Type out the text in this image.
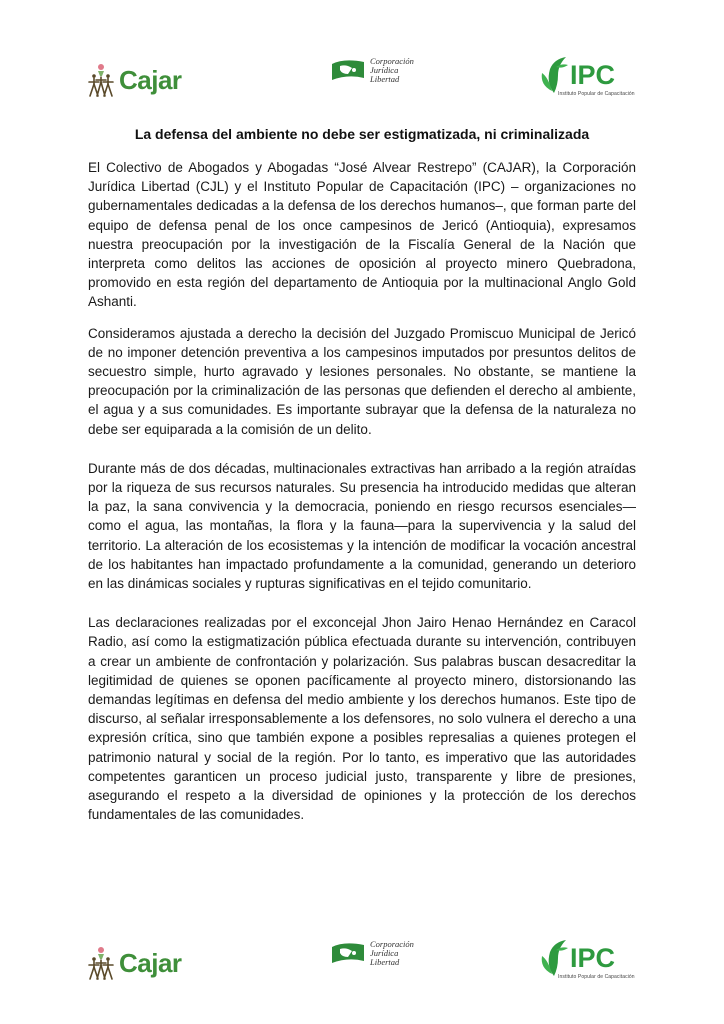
Cajar
Corporación
Jurídica
Libertad	IPC
Instituto Popular de Capacitación
La defensa del ambiente no debe ser estigmatizada, ni criminalizada

El Colectivo de Abogados y Abogadas “José Alvear Restrepo” (CAJAR), la Corporación Jurídica Libertad (CJL) y el Instituto Popular de Capacitación (IPC) – organizaciones no gubernamentales dedicadas a la defensa de los derechos humanos–, que forman parte del equipo de defensa penal de los once campesinos de Jericó (Antioquia), expresamos nuestra preocupación por la investigación de la Fiscalía General de la Nación que interpreta como delitos las acciones de oposición al proyecto minero Quebradona, promovido en esta región del departamento de Antioquia por la multinacional Anglo Gold Ashanti.

Consideramos ajustada a derecho la decisión del Juzgado Promiscuo Municipal de Jericó de no imponer detención preventiva a los campesinos imputados por presuntos delitos de secuestro simple, hurto agravado y lesiones personales. No obstante, se mantiene la preocupación por la criminalización de las personas que defienden el derecho al ambiente, el agua y a sus comunidades. Es importante subrayar que la defensa de la naturaleza no debe ser equiparada a la comisión de un delito.

Durante más de dos décadas, multinacionales extractivas han arribado a la región atraídas por la riqueza de sus recursos naturales. Su presencia ha introducido medidas que alteran la paz, la sana convivencia y la democracia, poniendo en riesgo recursos esenciales—como el agua, las montañas, la flora y la fauna—para la supervivencia y la salud del territorio. La alteración de los ecosistemas y la intención de modificar la vocación ancestral de los habitantes han impactado profundamente a la comunidad, generando un deterioro en las dinámicas sociales y rupturas significativas en el tejido comunitario.

Las declaraciones realizadas por el exconcejal Jhon Jairo Henao Hernández en Caracol Radio, así como la estigmatización pública efectuada durante su intervención, contribuyen a crear un ambiente de confrontación y polarización. Sus palabras buscan desacreditar la legitimidad de quienes se oponen pacíficamente al proyecto minero, distorsionando las demandas legítimas en defensa del medio ambiente y los derechos humanos. Este tipo de discurso, al señalar irresponsablemente a los defensores, no solo vulnera el derecho a una expresión crítica, sino que también expone a posibles represalias a quienes protegen el patrimonio natural y social de la región. Por lo tanto, es imperativo que las autoridades competentes garanticen un proceso judicial justo, transparente y libre de presiones, asegurando el respeto a la diversidad de opiniones y la protección de los derechos fundamentales de las comunidades.

Cajar
Corporación
Jurídica
Libertad	IPC
Instituto Popular de Capacitación
